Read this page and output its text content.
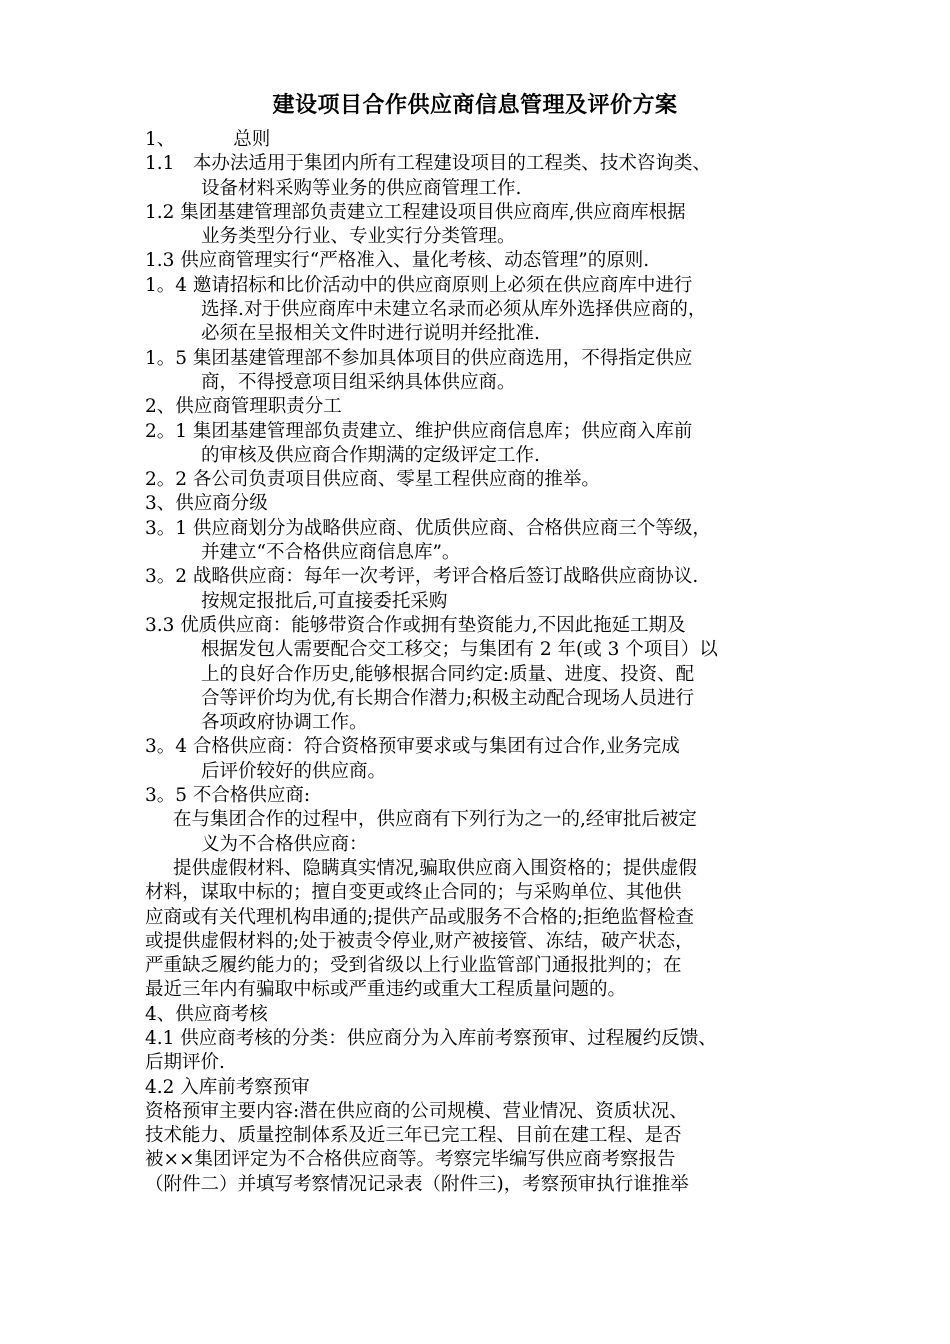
建设项目合作供应商信息管理及评价方案

1、	总则

1.1　本办法适用于集团内所有工程建设项目的工程类、技术咨询类、

设备材料采购等业务的供应商管理工作.

1.2 集团基建管理部负责建立工程建设项目供应商库,供应商库根据

业务类型分行业、专业实行分类管理。

1.3 供应商管理实行“严格准入、量化考核、动态管理”的原则.

1。4 邀请招标和比价活动中的供应商原则上必须在供应商库中进行

选择.对于供应商库中未建立名录而必须从库外选择供应商的，

必须在呈报相关文件时进行说明并经批准.

1。5 集团基建管理部不参加具体项目的供应商选用，不得指定供应

商，不得授意项目组采纳具体供应商。

2、供应商管理职责分工

2。1 集团基建管理部负责建立、维护供应商信息库；供应商入库前

的审核及供应商合作期满的定级评定工作.

2。2 各公司负责项目供应商、零星工程供应商的推举。

3、供应商分级

3。1 供应商划分为战略供应商、优质供应商、合格供应商三个等级，

并建立“不合格供应商信息库”。

3。2 战略供应商：每年一次考评，考评合格后签订战略供应商协议.

按规定报批后,可直接委托采购

3.3 优质供应商：能够带资合作或拥有垫资能力,不因此拖延工期及

根据发包人需要配合交工移交；与集团有 2 年(或 3 个项目）以

上的良好合作历史,能够根据合同约定:质量、进度、投资、配

合等评价均为优,有长期合作潜力;积极主动配合现场人员进行

各项政府协调工作。

3。4 合格供应商：符合资格预审要求或与集团有过合作,业务完成

后评价较好的供应商。

3。5 不合格供应商:

在与集团合作的过程中，供应商有下列行为之一的,经审批后被定

义为不合格供应商：

提供虚假材料、隐瞒真实情况,骗取供应商入围资格的；提供虚假

材料，谋取中标的；擅自变更或终止合同的；与采购单位、其他供

应商或有关代理机构串通的;提供产品或服务不合格的;拒绝监督检查

或提供虚假材料的;处于被责令停业,财产被接管、冻结，破产状态，

严重缺乏履约能力的；受到省级以上行业监管部门通报批判的；在

最近三年内有骗取中标或严重违约或重大工程质量问题的。

4、供应商考核

4.1 供应商考核的分类：供应商分为入库前考察预审、过程履约反馈、

后期评价.

4.2 入库前考察预审

资格预审主要内容:潜在供应商的公司规模、营业情况、资质状况、

技术能力、质量控制体系及近三年已完工程、目前在建工程、是否

被××集团评定为不合格供应商等。考察完毕编写供应商考察报告

（附件二）并填写考察情况记录表（附件三)，考察预审执行谁推举
